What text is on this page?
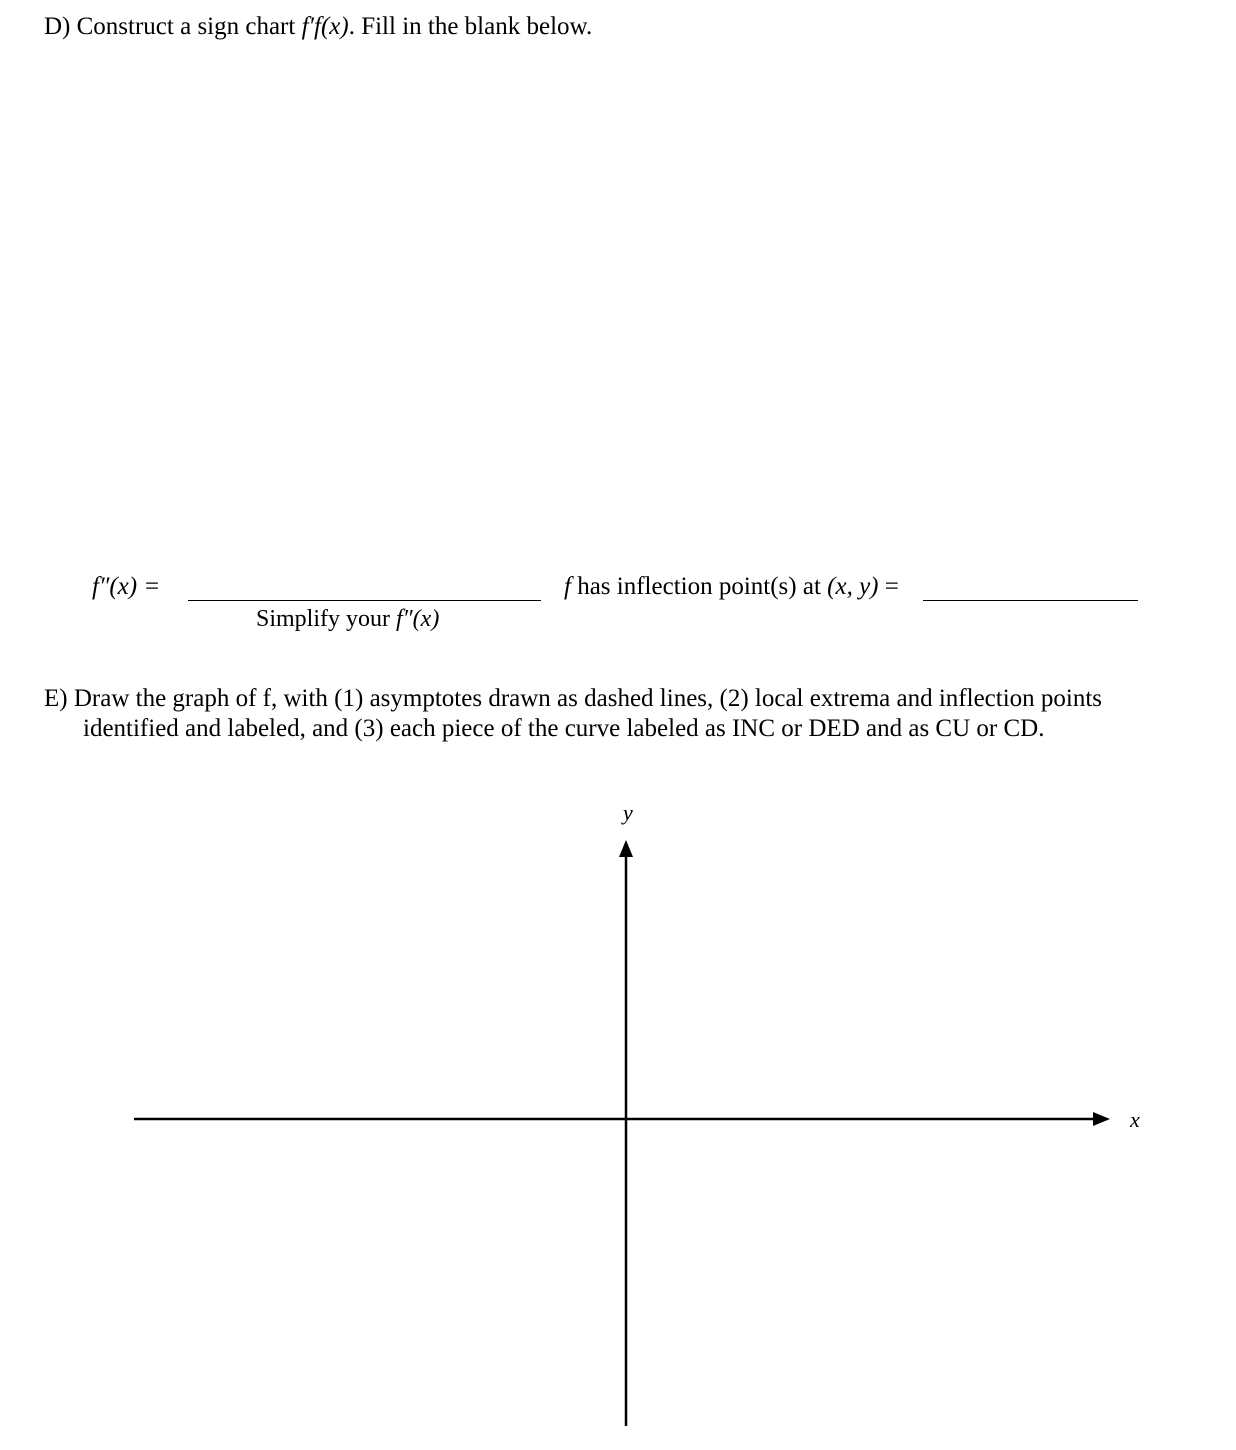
D) Construct a sign chart f′f(x). Fill in the blank below.
f″(x) =
Simplify your f″(x)
f has inflection point(s) at (x, y) =
E) Draw the graph of f, with (1) asymptotes drawn as dashed lines, (2) local extrema and inflection points
identified and labeled, and (3) each piece of the curve labeled as INC or DED and as CU or CD.
x
y
